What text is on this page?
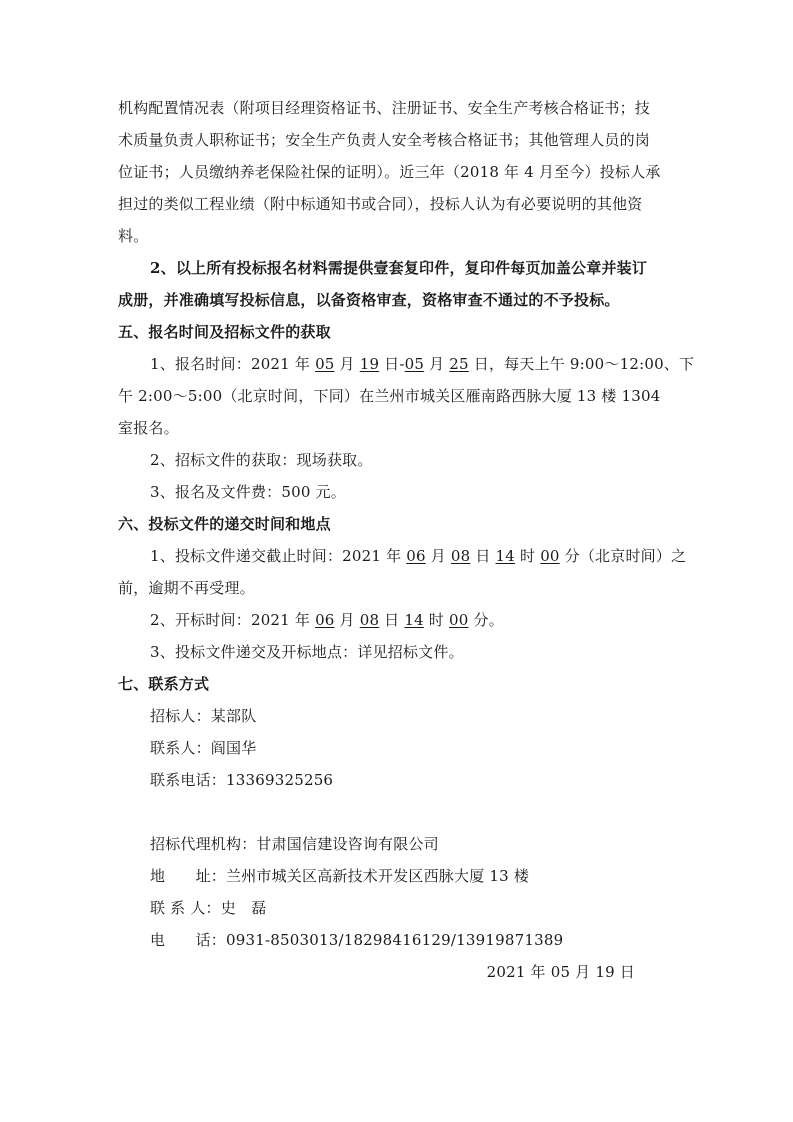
机构配置情况表（附项目经理资格证书、注册证书、安全生产考核合格证书；技
术质量负责人职称证书；安全生产负责人安全考核合格证书；其他管理人员的岗
位证书；人员缴纳养老保险社保的证明）。近三年（2018 年 4 月至今）投标人承
担过的类似工程业绩（附中标通知书或合同），投标人认为有必要说明的其他资
料。
2、以上所有投标报名材料需提供壹套复印件，复印件每页加盖公章并装订
成册，并准确填写投标信息，以备资格审查，资格审查不通过的不予投标。
五、报名时间及招标文件的获取
1、报名时间：2021 年 05 月 19 日-05 月 25 日，每天上午 9:00～12:00、下
午 2:00～5:00（北京时间，下同）在兰州市城关区雁南路西脉大厦 13 楼 1304
室报名。
2、招标文件的获取：现场获取。
3、报名及文件费：500 元。
六、投标文件的递交时间和地点
1、投标文件递交截止时间：2021 年 06 月 08 日 14 时 00 分（北京时间）之
前，逾期不再受理。
2、开标时间：2021 年 06 月 08 日 14 时 00 分。
3、投标文件递交及开标地点：详见招标文件。
七、联系方式
招标人：某部队
联系人：阎国华
联系电话：13369325256
招标代理机构：甘肃国信建设咨询有限公司
地　　址：兰州市城关区高新技术开发区西脉大厦 13 楼
联 系 人：史　磊
电　　话：0931-8503013/18298416129/13919871389
2021 年 05 月 19 日
